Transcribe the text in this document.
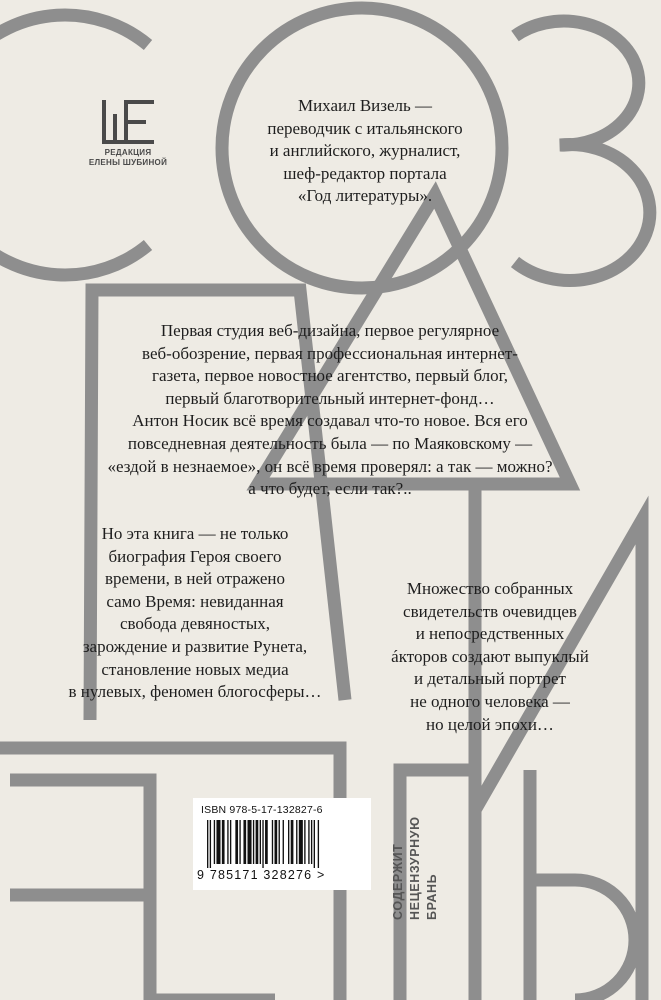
РЕДАКЦИЯ
ЕЛЕНЫ ШУБИНОЙ
Михаил Визель —
переводчик с итальянского
и английского, журналист,
шеф-редактор портала
«Год литературы».
Первая студия веб-дизайна, первое регулярное
веб-обозрение, первая профессиональная интернет-
газета, первое новостное агентство, первый блог,
первый благотворительный интернет-фонд…
Антон Носик всё время создавал что-то новое. Вся его
повседневная деятельность была — по Маяковскому —
«ездой в незнаемое», он всё время проверял: а так — можно?
а что будет, если так?..
Но эта книга — не только
биография Героя своего
времени, в ней отражено
само Время: невиданная
свобода девяностых,
зарождение и развитие Рунета,
становление новых медиа
в нулевых, феномен блогосферы…
Множество собранных
свидетельств очевидцев
и непосредственных
áкторов создают выпуклый
и детальный портрет
не одного человека —
но целой эпохи…
ISBN 978-5-17-132827-6
9 785171 328276 >	СОДЕРЖИТ НЕЦЕНЗУРНУЮ БРАНЬ
